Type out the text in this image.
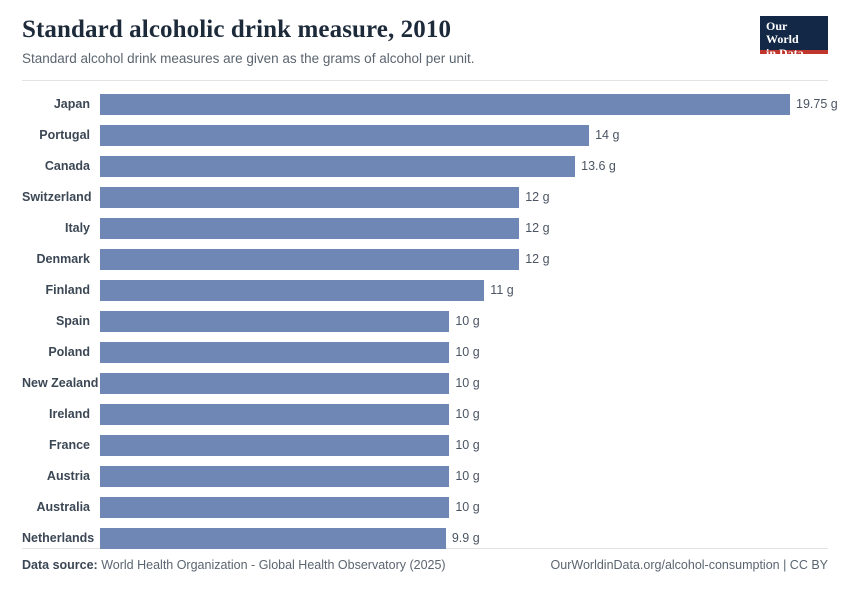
Standard alcoholic drink measure, 2010

Standard alcohol drink measures are given as the grams of alcohol per unit.

Our World
in Data
Japan	19.75 g
Portugal	14 g
Canada	13.6 g
Switzerland	12 g
Italy	12 g
Denmark	12 g
Finland	11 g
Spain	10 g
Poland	10 g
New Zealand	10 g
Ireland	10 g
France	10 g
Austria	10 g
Australia	10 g
Netherlands	9.9 g
Data source: World Health Organization - Global Health Observatory (2025)	OurWorldinData.org/alcohol-consumption | CC BY
